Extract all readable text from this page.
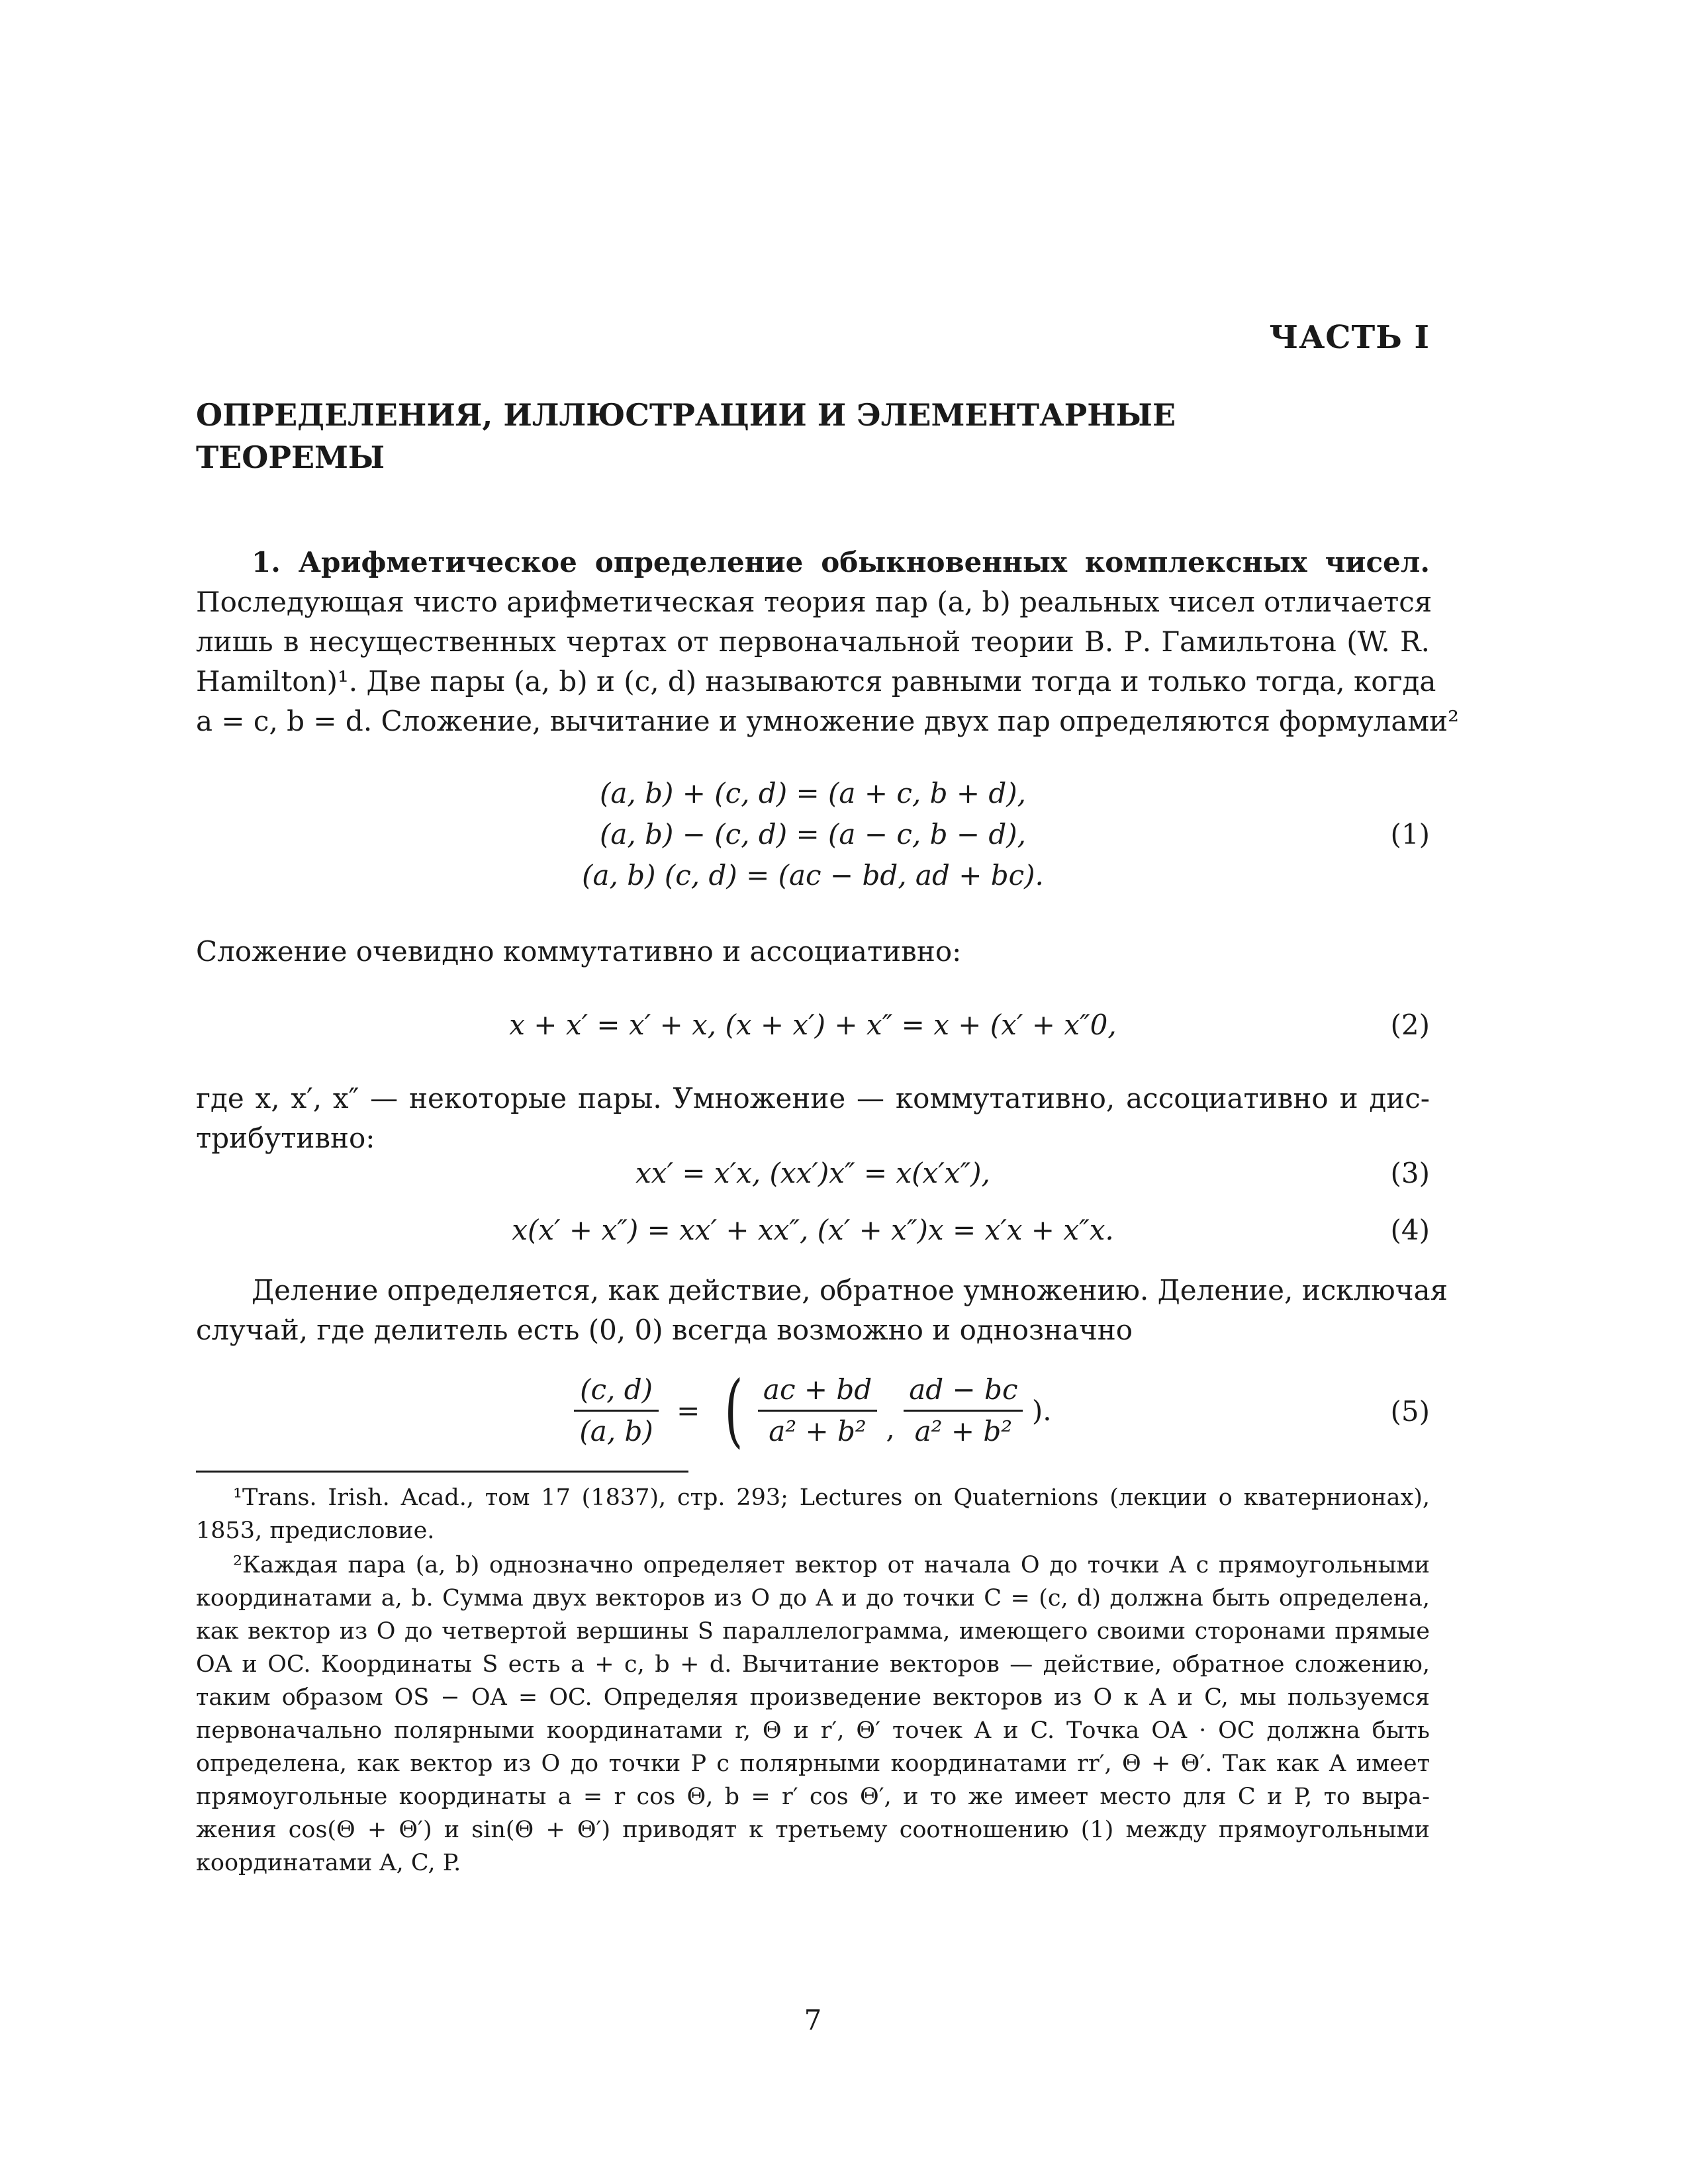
ЧАСТЬ I
ОПРЕДЕЛЕНИЯ, ИЛЛЮСТРАЦИИ И ЭЛЕМЕНТАРНЫЕ
ТЕОРЕМЫ
1. Арифметическое определение обыкновенных комплексных чисел.
Последующая чисто арифметическая теория пар (a, b) реальных чисел отличается
лишь в несущественных чертах от первоначальной теории В. Р. Гамильтона (W. R.
Hamilton)¹. Две пары (a, b) и (c, d) называются равными тогда и только тогда, когда
a = c, b = d. Сложение, вычитание и умножение двух пар определяются формулами²
(a, b) + (c, d) = (a + c, b + d),
(a, b) − (c, d) = (a − c, b − d),	(1)
(a, b) (c, d) = (ac − bd, ad + bc).
Сложение очевидно коммутативно и ассоциативно:
x + x′ = x′ + x, (x + x′) + x″ = x + (x′ + x″0,	(2)
где x, x′, x″ — некоторые пары. Умножение — коммутативно, ассоциативно и дис-
трибутивно:
xx′ = x′x, (xx′)x″ = x(x′x″),	(3)
x(x′ + x″) = xx′ + xx″, (x′ + x″)x = x′x + x″x.	(4)
Деление определяется, как действие, обратное умножению. Деление, исключая
случай, где делитель есть (0, 0) всегда возможно и однозначно
$\frac{(c, d)}{(a, b)}$ = ( $\frac{ac + bd}{\text{a² + b²}}$ , $\frac{ad - bc}{\text{a² + b²}}$ ).	(5)
¹Trans. Irish. Acad., том 17 (1837), стр. 293; Lectures on Quaternions (лекции о кватернионах),
1853, предисловие.
²Каждая пара (a, b) однозначно определяет вектор от начала O до точки A с прямоугольными
координатами a, b. Сумма двух векторов из O до A и до точки C = (c, d) должна быть определена,
как вектор из O до четвертой вершины S параллелограмма, имеющего своими сторонами прямые
OA и OC. Координаты S есть a + c, b + d. Вычитание векторов — действие, обратное сложению,
таким образом OS − OA = OC. Определяя произведение векторов из O к A и C, мы пользуемся
первоначально полярными координатами r, Θ и r′, Θ′ точек A и C. Точка OA · OC должна быть
определена, как вектор из O до точки P с полярными координатами rr′, Θ + Θ′. Так как A имеет
прямоугольные координаты a = r cos Θ, b = r′ cos Θ′, и то же имеет место для C и P, то выра-
жения cos(Θ + Θ′) и sin(Θ + Θ′) приводят к третьему соотношению (1) между прямоугольными
координатами A, C, P.
7
